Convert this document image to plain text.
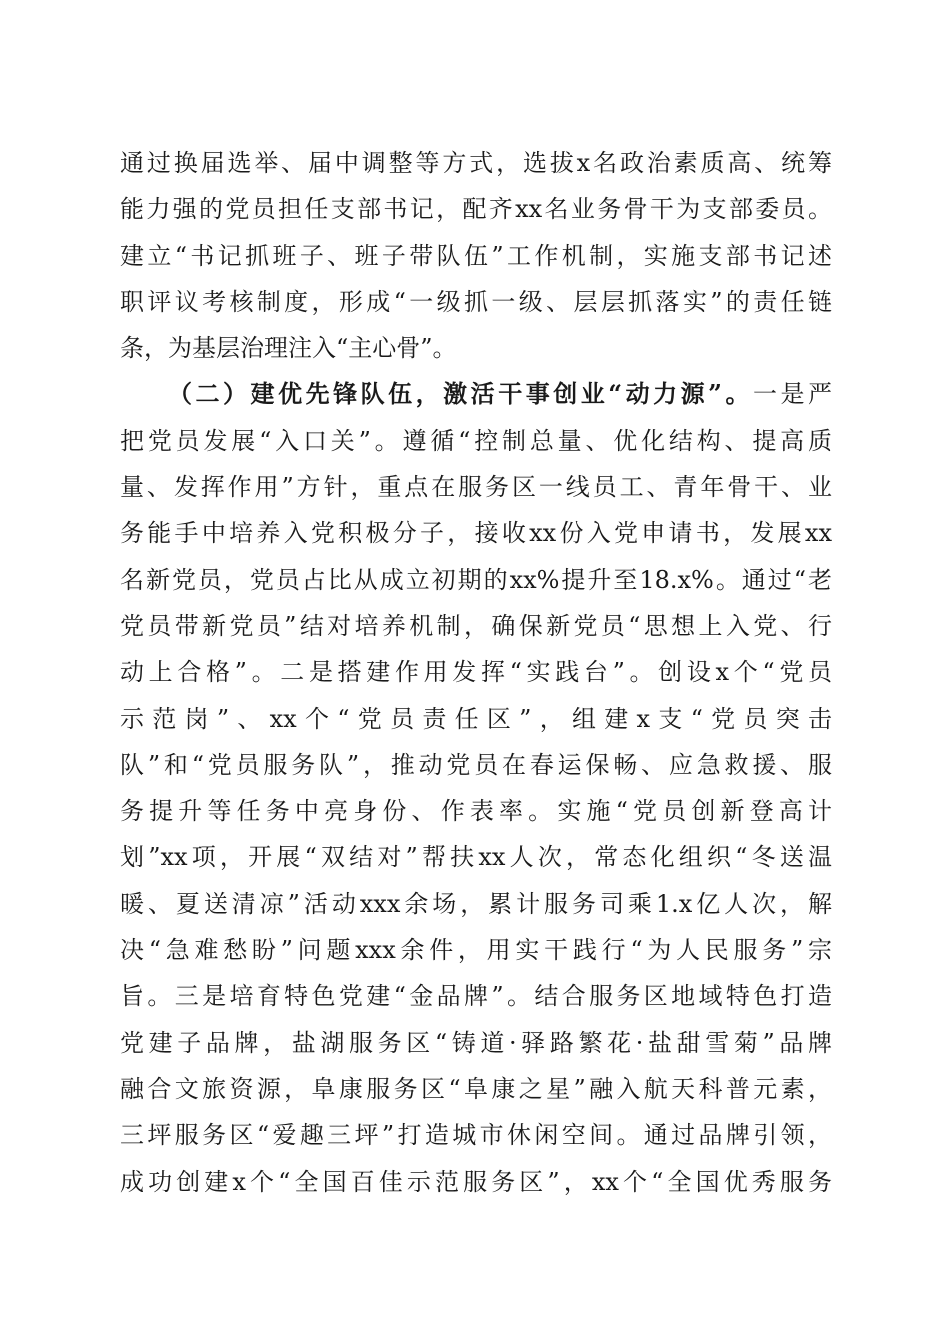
通过换届选举、届中调整等方式，选拔x名政治素质高、统筹
能力强的党员担任支部书记，配齐xx名业务骨干为支部委员。
建立“书记抓班子、班子带队伍”工作机制，实施支部书记述
职评议考核制度，形成“一级抓一级、层层抓落实”的责任链
条，为基层治理注入“主心骨”。
（二）建优先锋队伍，激活干事创业“动力源”。一是严
把党员发展“入口关”。遵循“控制总量、优化结构、提高质
量、发挥作用”方针，重点在服务区一线员工、青年骨干、业
务能手中培养入党积极分子，接收xx份入党申请书，发展xx
名新党员，党员占比从成立初期的xx%提升至18.x%。通过“老
党员带新党员”结对培养机制，确保新党员“思想上入党、行
动上合格”。二是搭建作用发挥“实践台”。创设x个“党员
示范岗”、xx个“党员责任区”，组建x支“党员突击
队”和“党员服务队”，推动党员在春运保畅、应急救援、服
务提升等任务中亮身份、作表率。实施“党员创新登高计
划”xx项，开展“双结对”帮扶xx人次，常态化组织“冬送温
暖、夏送清凉”活动xxx余场，累计服务司乘1.x亿人次，解
决“急难愁盼”问题xxx余件，用实干践行“为人民服务”宗
旨。三是培育特色党建“金品牌”。结合服务区地域特色打造
党建子品牌，盐湖服务区“铸道·驿路繁花·盐甜雪菊”品牌
融合文旅资源，阜康服务区“阜康之星”融入航天科普元素，
三坪服务区“爱趣三坪”打造城市休闲空间。通过品牌引领，
成功创建x个“全国百佳示范服务区”，xx个“全国优秀服务
